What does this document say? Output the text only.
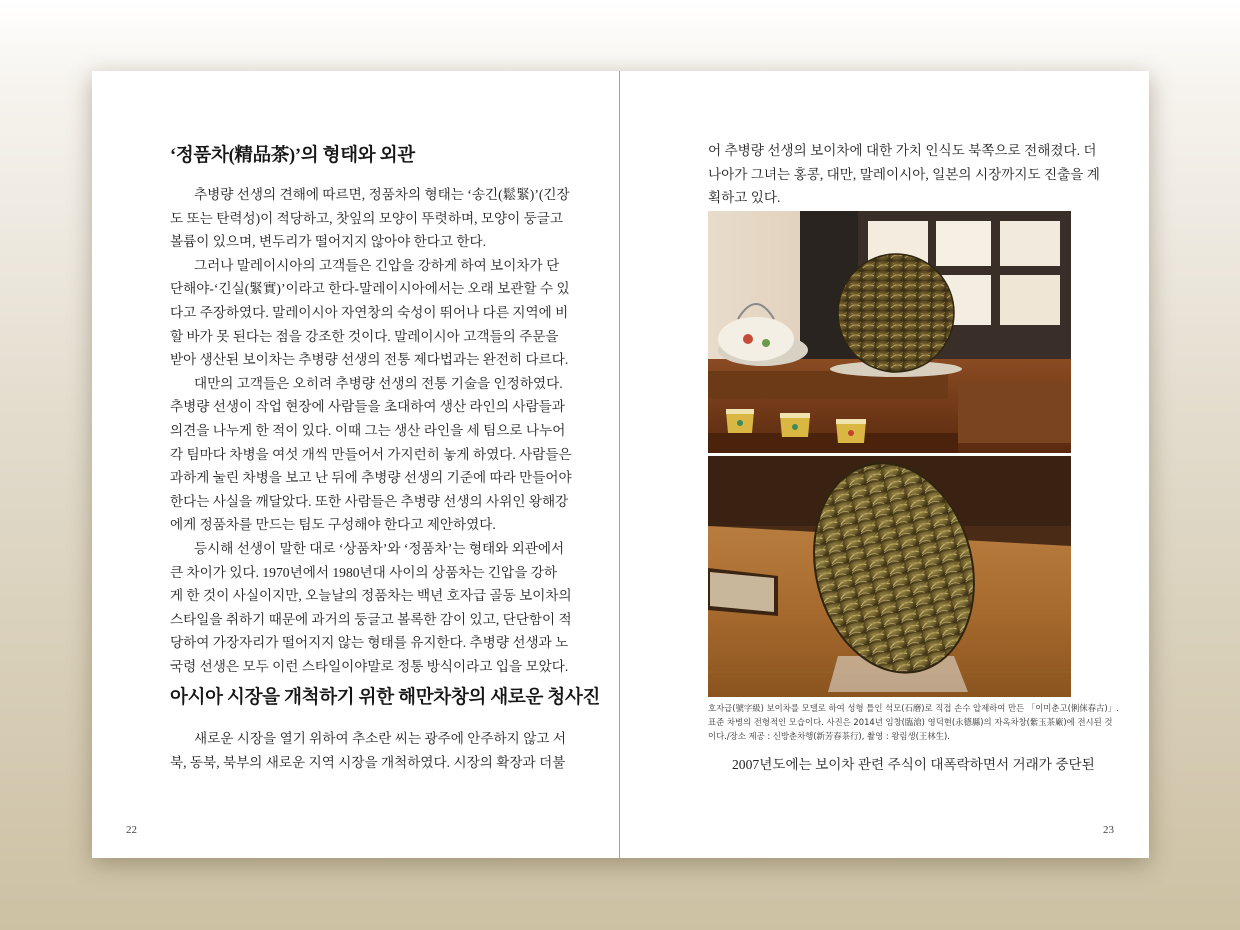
‘정품차(精品茶)’의 형태와 외관
추병량 선생의 견해에 따르면, 정품차의 형태는 ‘송긴(鬆緊)’(긴장
도 또는 탄력성)이 적당하고, 찻잎의 모양이 뚜렷하며, 모양이 둥글고
볼륨이 있으며, 변두리가 떨어지지 않아야 한다고 한다.
그러나 말레이시아의 고객들은 긴압을 강하게 하여 보이차가 단
단해야-‘긴실(緊實)’이라고 한다-말레이시아에서는 오래 보관할 수 있
다고 주장하였다. 말레이시아 자연창의 숙성이 뛰어나 다른 지역에 비
할 바가 못 된다는 점을 강조한 것이다. 말레이시아 고객들의 주문을
받아 생산된 보이차는 추병량 선생의 전통 제다법과는 완전히 다르다.
대만의 고객들은 오히려 추병량 선생의 전통 기술을 인정하였다.
추병량 선생이 작업 현장에 사람들을 초대하여 생산 라인의 사람들과
의견을 나누게 한 적이 있다. 이때 그는 생산 라인을 세 팀으로 나누어
각 팀마다 차병을 여섯 개씩 만들어서 가지런히 놓게 하였다. 사람들은
과하게 눌린 차병을 보고 난 뒤에 추병량 선생의 기준에 따라 만들어야
한다는 사실을 깨달았다. 또한 사람들은 추병량 선생의 사위인 왕해강
에게 정품차를 만드는 팀도 구성해야 한다고 제안하였다.
등시해 선생이 말한 대로 ‘상품차’와 ‘정품차’는 형태와 외관에서
큰 차이가 있다. 1970년에서 1980년대 사이의 상품차는 긴압을 강하
게 한 것이 사실이지만, 오늘날의 정품차는 백년 호자급 골동 보이차의
스타일을 취하기 때문에 과거의 둥글고 볼록한 감이 있고, 단단함이 적
당하여 가장자리가 떨어지지 않는 형태를 유지한다. 추병량 선생과 노
국령 선생은 모두 이런 스타일이야말로 정통 방식이라고 입을 모았다.
아시아 시장을 개척하기 위한 해만차창의 새로운 청사진
새로운 시장을 열기 위하여 추소란 씨는 광주에 안주하지 않고 서
북, 동북, 북부의 새로운 지역 시장을 개척하였다. 시장의 확장과 더불
22
어 추병량 선생의 보이차에 대한 가치 인식도 북쪽으로 전해졌다. 더
나아가 그녀는 홍콩, 대만, 말레이시아, 일본의 시장까지도 진출을 계
획하고 있다.
호자급(號字級) 보이차를 모델로 하여 성형 틀인 석모(石磨)로 직접 손수 압제하여 만든 「이미춘고(俐侎春古)」.
표준 차병의 전형적인 모습이다. 사진은 2014년 임창(臨滄) 영덕현(永德縣)의 자옥차창(紫玉茶廠)에 전시된 것
이다./장소 제공 : 신방춘차행(新芳春茶行), 촬영 : 왕림생(王林生).
2007년도에는 보이차 관련 주식이 대폭락하면서 거래가 중단된
23
